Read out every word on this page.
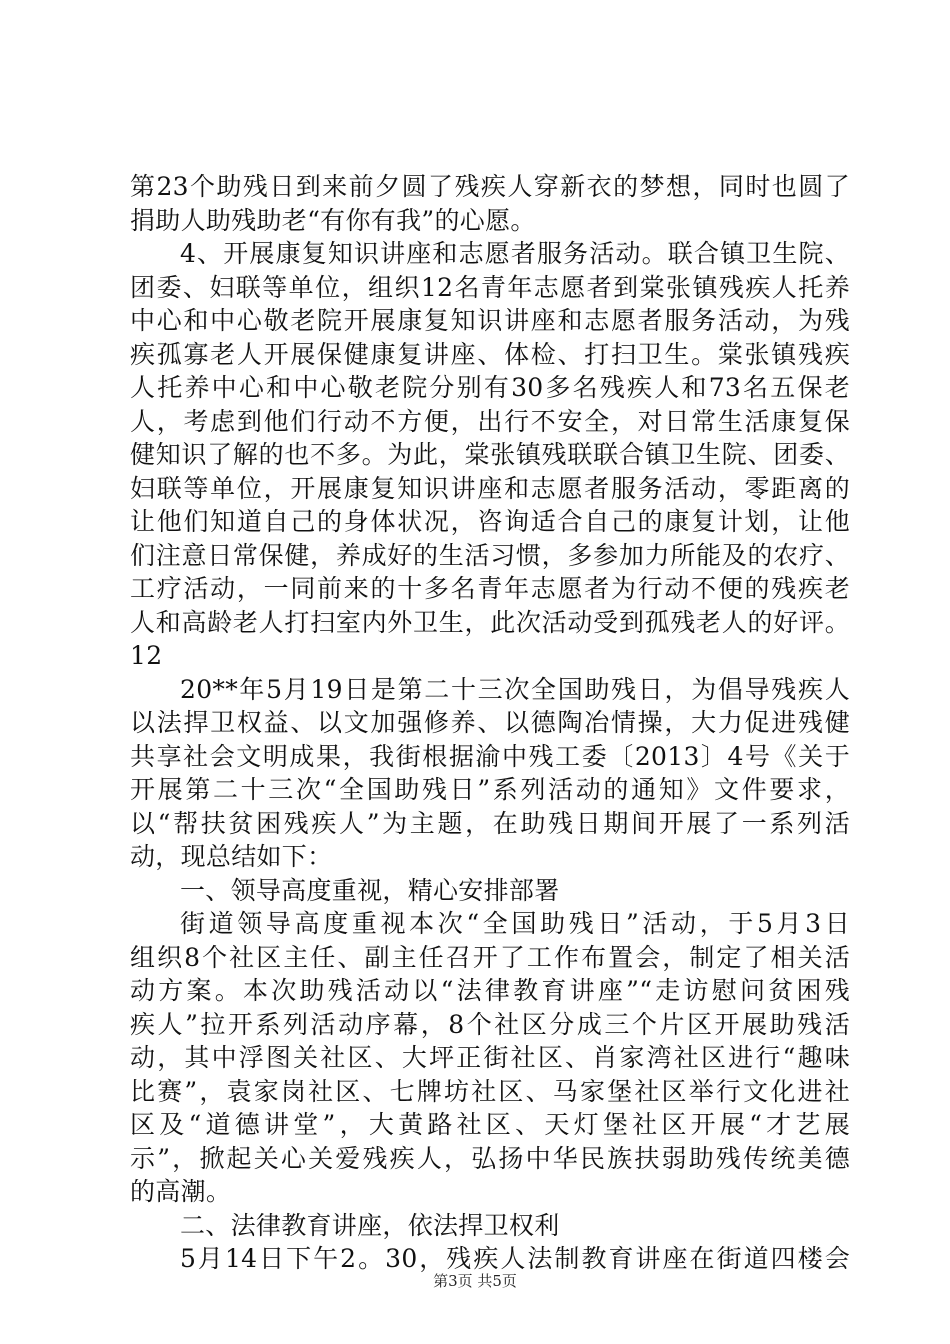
第23个助残日到来前夕圆了残疾人穿新衣的梦想，同时也圆了
捐助人助残助老“有你有我”的心愿。
4、开展康复知识讲座和志愿者服务活动。联合镇卫生院、
团委、妇联等单位，组织12名青年志愿者到棠张镇残疾人托养
中心和中心敬老院开展康复知识讲座和志愿者服务活动，为残
疾孤寡老人开展保健康复讲座、体检、打扫卫生。棠张镇残疾
人托养中心和中心敬老院分别有30多名残疾人和73名五保老
人，考虑到他们行动不方便，出行不安全，对日常生活康复保
健知识了解的也不多。为此，棠张镇残联联合镇卫生院、团委、
妇联等单位，开展康复知识讲座和志愿者服务活动，零距离的
让他们知道自己的身体状况，咨询适合自己的康复计划，让他
们注意日常保健，养成好的生活习惯，多参加力所能及的农疗、
工疗活动，一同前来的十多名青年志愿者为行动不便的残疾老
人和高龄老人打扫室内外卫生，此次活动受到孤残老人的好评。
12
20**年5月19日是第二十三次全国助残日，为倡导残疾人
以法捍卫权益、以文加强修养、以德陶冶情操，大力促进残健
共享社会文明成果，我街根据渝中残工委〔2013〕4号《关于
开展第二十三次“全国助残日”系列活动的通知》文件要求，
以“帮扶贫困残疾人”为主题，在助残日期间开展了一系列活
动，现总结如下：
一、领导高度重视，精心安排部署
街道领导高度重视本次“全国助残日”活动，于5月3日
组织8个社区主任、副主任召开了工作布置会，制定了相关活
动方案。本次助残活动以“法律教育讲座”“走访慰问贫困残
疾人”拉开系列活动序幕，8个社区分成三个片区开展助残活
动，其中浮图关社区、大坪正街社区、肖家湾社区进行“趣味
比赛”，袁家岗社区、七牌坊社区、马家堡社区举行文化进社
区及“道德讲堂”，大黄路社区、天灯堡社区开展“才艺展
示”，掀起关心关爱残疾人，弘扬中华民族扶弱助残传统美德
的高潮。
二、法律教育讲座，依法捍卫权利
5月14日下午2。30，残疾人法制教育讲座在街道四楼会
第3页 共5页
